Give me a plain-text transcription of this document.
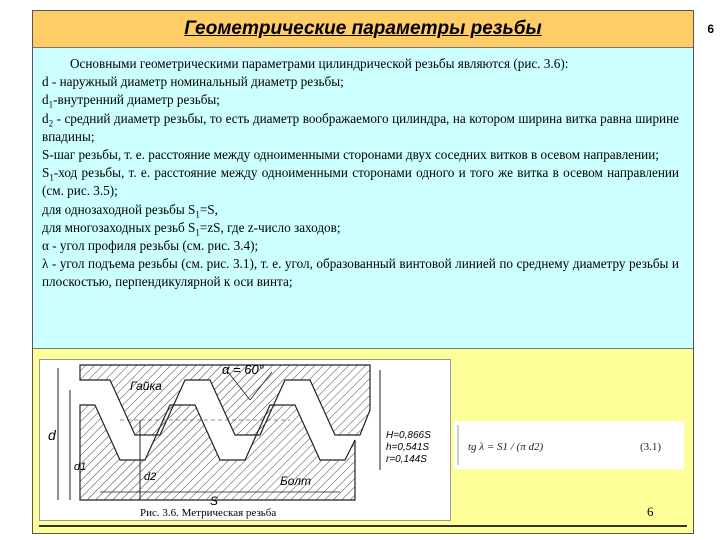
6
Геометрические параметры резьбы

Основными геометрическими параметрами цилиндрической резьбы являются (рис. 3.6):

d - наружный диаметр номинальный диаметр резьбы;

$d_1$-внутренний диаметр резьбы;

$d_2$ - средний диаметр резьбы, то есть диаметр воображаемого цилиндра, на котором ширина витка равна ширине впадины;

S-шаг резьбы, т. е. расстояние между одноименными сторонами двух соседних витков в осевом направлении;

$S_1$-ход резьбы, т. е. расстояние между одноименными сторонами одного и того же витка в осевом направлении (см. рис. 3.5);

для однозаходной резьбы $S_1=S$,

для многозаходных резьб $S_1=zS$, где z-число заходов;

α - угол профиля резьбы (см. рис. 3.4);

λ - угол подъема резьбы (см. рис. 3.1), т. е. угол, образованный винтовой линией по среднему диаметру резьбы и плоскостью, перпендикулярной к оси винта;

α = 60°
Гайка
Болт
d
d1
d2
S
H=0,866S
h=0,541S
r=0,144S
Рис. 3.6. Метрическая резьба
tg λ = S1 / (π d2)	(3.1)
6
